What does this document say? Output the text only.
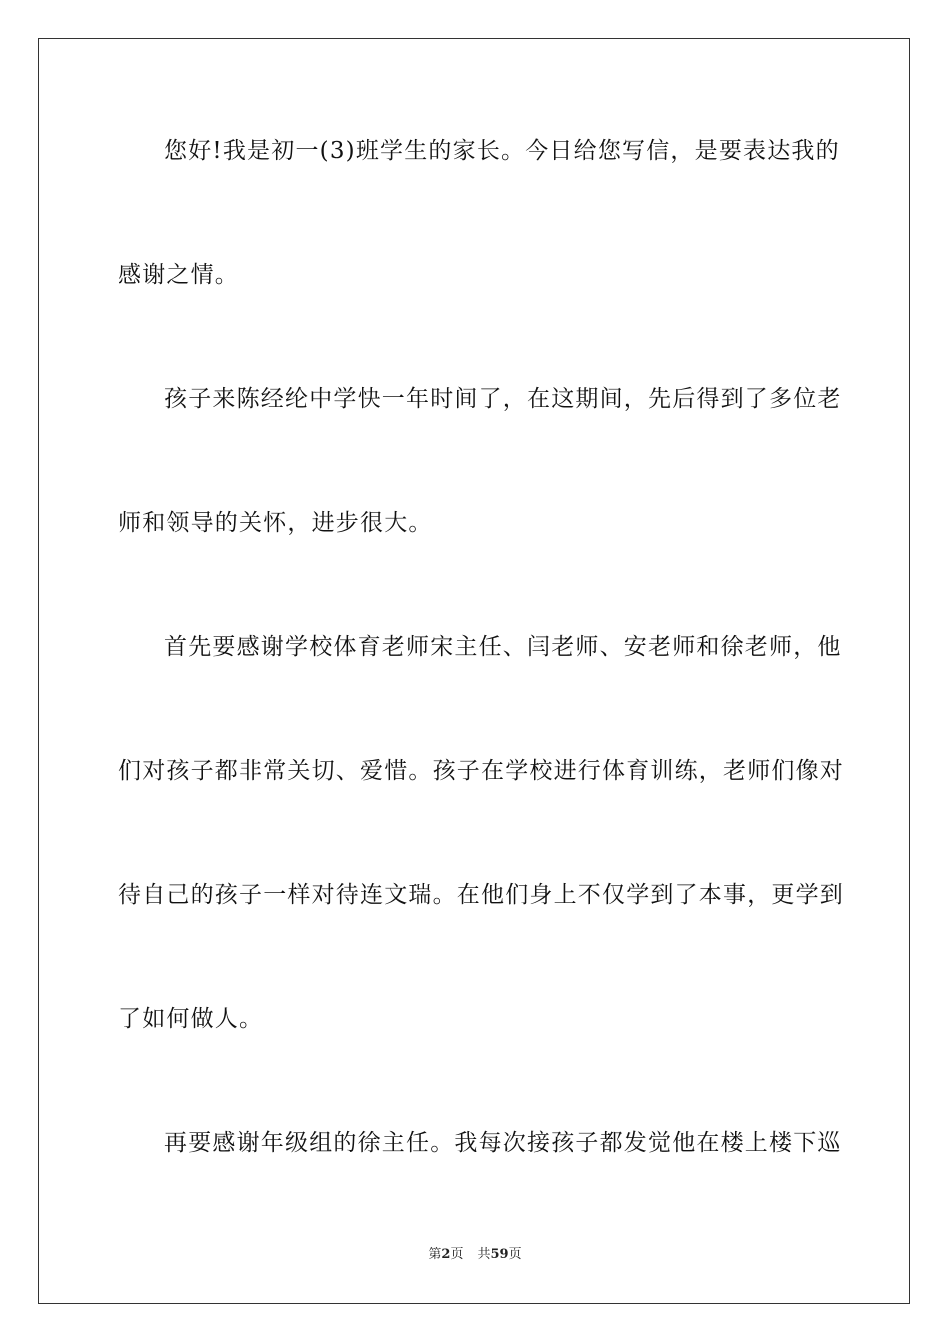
您好!我是初一(3)班学生的家长。今日给您写信，是要表达我的
感谢之情。
孩子来陈经纶中学快一年时间了，在这期间，先后得到了多位老
师和领导的关怀，进步很大。
首先要感谢学校体育老师宋主任、闫老师、安老师和徐老师，他
们对孩子都非常关切、爱惜。孩子在学校进行体育训练，老师们像对
待自己的孩子一样对待连文瑞。在他们身上不仅学到了本事，更学到
了如何做人。
再要感谢年级组的徐主任。我每次接孩子都发觉他在楼上楼下巡
第2页 共59页
